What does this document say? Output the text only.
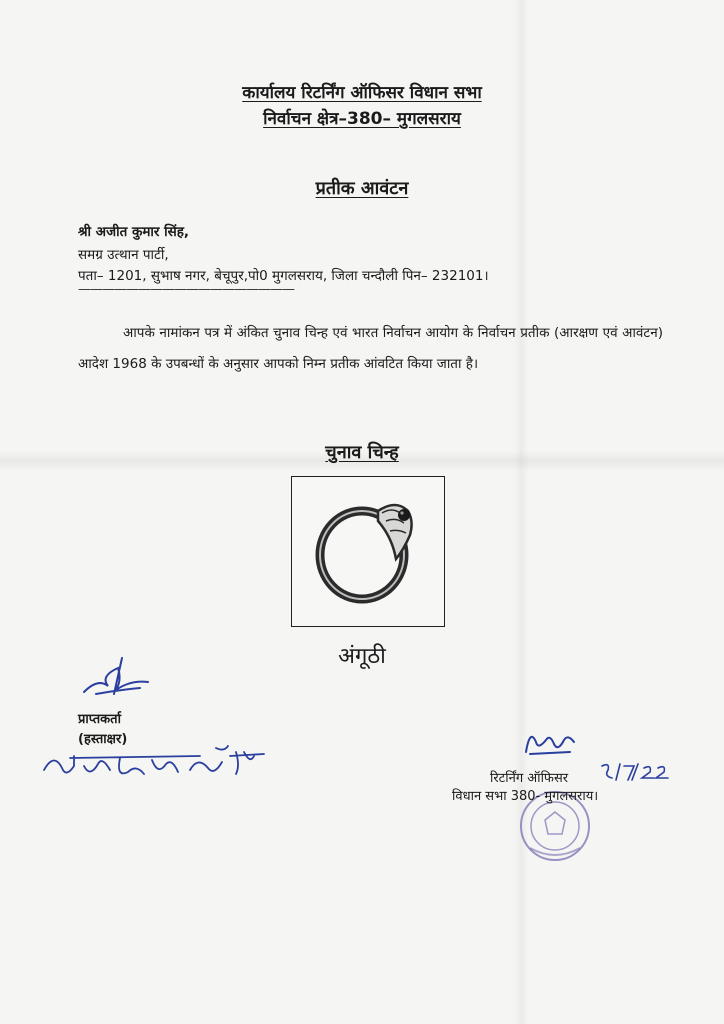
कार्यालय रिटर्निंग ऑफिसर विधान सभा
निर्वाचन क्षेत्र–380– मुगलसराय
प्रतीक आवंटन
श्री अजीत कुमार सिंह,
समग्र उत्थान पार्टी,
पता– 1201, सुभाष नगर, बेचूपुर,पो0 मुगलसराय, जिला चन्दौली पिन– 232101।
——————————————————
आपके नामांकन पत्र में अंकित चुनाव चिन्ह एवं भारत निर्वाचन आयोग के निर्वाचन प्रतीक (आरक्षण एवं आवंटन) आदेश 1968 के उपबन्धों के अनुसार आपको निम्न प्रतीक आंवटित किया जाता है।
चुनाव चिन्ह
अंगूठी
प्राप्तकर्ता
(हस्ताक्षर)
रिटर्निंग ऑफिसर
विधान सभा 380- मुगलसराय।
